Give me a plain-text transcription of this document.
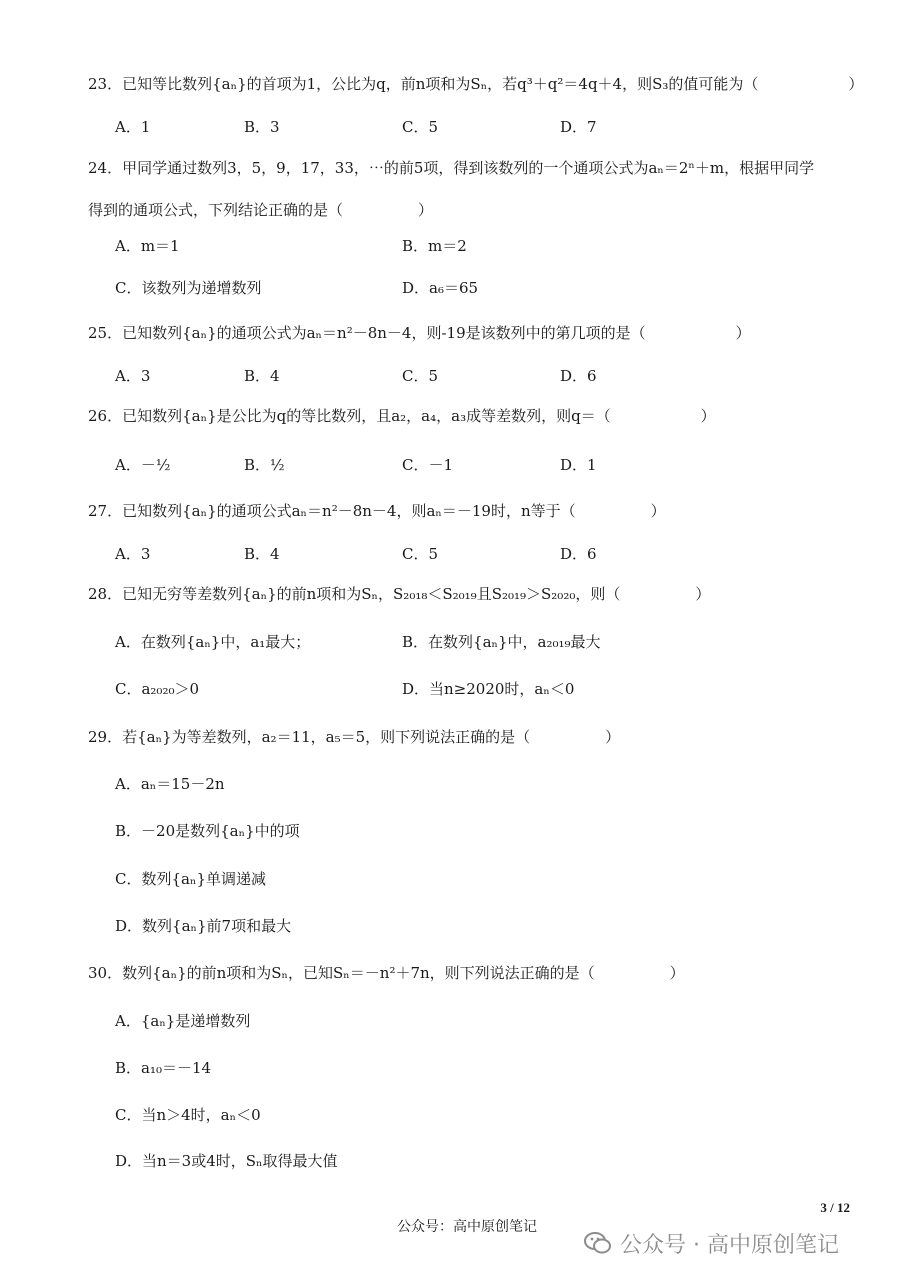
23．已知等比数列{aₙ}的首项为1，公比为q，前n项和为Sₙ，若q³＋q²＝4q＋4，则S₃的值可能为（　　　　　　）
A．1	B．3	C．5	D．7
24．甲同学通过数列3，5，9，17，33，⋯的前5项，得到该数列的一个通项公式为aₙ＝2ⁿ＋m，根据甲同学
得到的通项公式，下列结论正确的是（　　　　　）
A．m＝1	B．m＝2
C．该数列为递增数列	D．a₆＝65
25．已知数列{aₙ}的通项公式为aₙ＝n²－8n－4，则-19是该数列中的第几项的是（　　　　　　）
A．3	B．4	C．5	D．6
26．已知数列{aₙ}是公比为q的等比数列，且a₂，a₄，a₃成等差数列，则q＝（　　　　　　）
A．－½	B．½	C．－1	D．1
27．已知数列{aₙ}的通项公式aₙ＝n²－8n－4，则aₙ＝－19时，n等于（　　　　　）
A．3	B．4	C．5	D．6
28．已知无穷等差数列{aₙ}的前n项和为Sₙ，S₂₀₁₈＜S₂₀₁₉且S₂₀₁₉＞S₂₀₂₀，则（　　　　　）
A．在数列{aₙ}中，a₁最大；	B．在数列{aₙ}中，a₂₀₁₉最大
C．a₂₀₂₀＞0	D．当n≥2020时，aₙ＜0
29．若{aₙ}为等差数列，a₂＝11，a₅＝5，则下列说法正确的是（　　　　　）
A．aₙ＝15－2n
B．－20是数列{aₙ}中的项
C．数列{aₙ}单调递减
D．数列{aₙ}前7项和最大
30．数列{aₙ}的前n项和为Sₙ，已知Sₙ＝－n²＋7n，则下列说法正确的是（　　　　　）
A．{aₙ}是递增数列
B．a₁₀＝－14
C．当n＞4时，aₙ＜0
D．当n＝3或4时，Sₙ取得最大值
3 / 12
公众号：高中原创笔记
公众号 · 高中原创笔记
